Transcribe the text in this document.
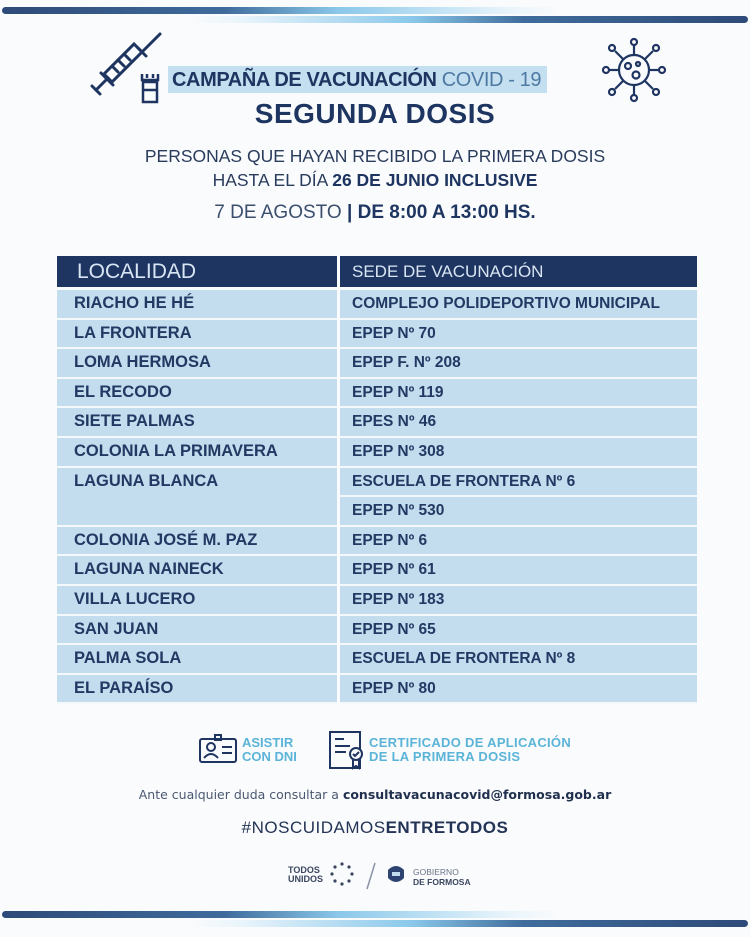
CAMPAÑA DE VACUNACIÓN COVID - 19
SEGUNDA DOSIS
PERSONAS QUE HAYAN RECIBIDO LA PRIMERA DOSIS
HASTA EL DÍA 26 DE JUNIO INCLUSIVE
7 DE AGOSTO | DE 8:00 A 13:00 HS.
LOCALIDAD	SEDE DE VACUNACIÓN
RIACHO HE HÉ	COMPLEJO POLIDEPORTIVO MUNICIPAL
LA FRONTERA	EPEP Nº 70
LOMA HERMOSA	EPEP F. Nº 208
EL RECODO	EPEP Nº 119
SIETE PALMAS	EPES Nº 46
COLONIA LA PRIMAVERA	EPEP Nº 308
LAGUNA BLANCA	ESCUELA DE FRONTERA Nº 6
EPEP Nº 530
COLONIA JOSÉ M. PAZ	EPEP Nº 6
LAGUNA NAINECK	EPEP Nº 61
VILLA LUCERO	EPEP Nº 183
SAN JUAN	EPEP Nº 65
PALMA SOLA	ESCUELA DE FRONTERA Nº 8
EL PARAÍSO	EPEP Nº 80
ASISTIR
CON DNI
CERTIFICADO DE APLICACIÓN
DE LA PRIMERA DOSIS
Ante cualquier duda consultar a consultavacunacovid@formosa.gob.ar
#NOSCUIDAMOSENTRETODOS
TODOS
UNIDOS
GOBIERNO
DE FORMOSA
